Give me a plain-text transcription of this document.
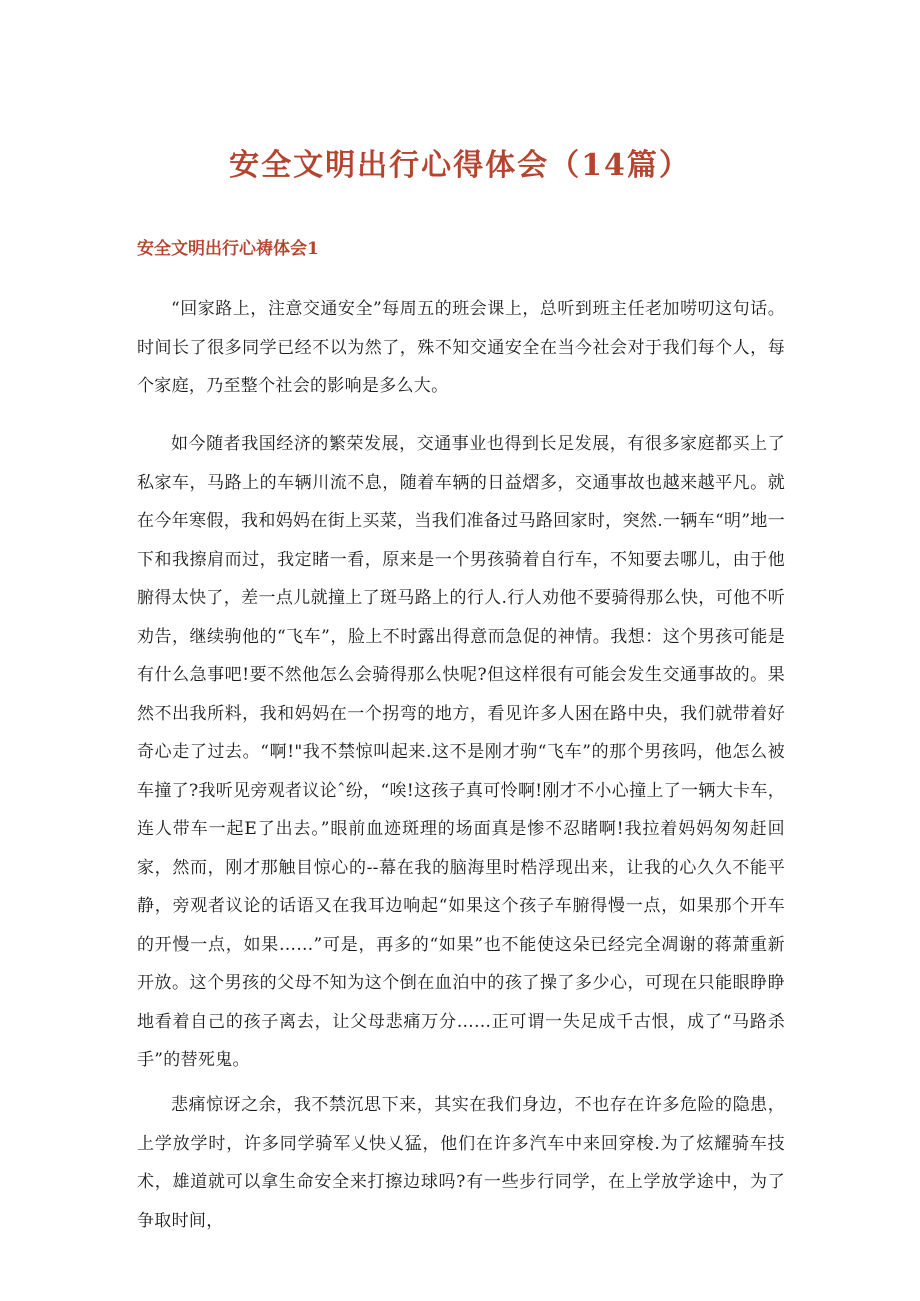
安全文明出行心得体会（14篇）
安全文明出行心祷体会1

“回家路上，注意交通安全”每周五的班会课上，总听到班主任老加唠叨这句话。时间长了很多同学已经不以为然了，殊不知交通安全在当今社会对于我们每个人，每个家庭，乃至整个社会的影响是多么大。

如今随者我国经济的繁荣发展，交通事业也得到长足发展，有很多家庭都买上了私家车，马路上的车辆川流不息，随着车辆的日益熠多，交通事故也越来越平凡。就在今年寒假，我和妈妈在街上买菜，当我们准备过马路回家时，突然.一辆车“明”地一下和我擦肩而过，我定睹一看，原来是一个男孩骑着自行车，不知要去哪儿，由于他腑得太快了，差一点儿就撞上了斑马路上的行人.行人劝他不要骑得那么快，可他不听劝告，继续驹他的“飞车”，脸上不时露出得意而急促的神情。我想：这个男孩可能是有什么急事吧!要不然他怎么会骑得那么快呢?但这样很有可能会发生交通事故的。果然不出我所料，我和妈妈在一个拐弯的地方，看见许多人困在路中央，我们就带着好奇心走了过去。“啊!"我不禁惊叫起来.这不是刚才驹“飞车”的那个男孩吗，他怎么被车撞了?我听见旁观者议论ˆ纷，“唉!这孩子真可怜啊!刚才不小心撞上了一辆大卡车，连人带车一起E了出去。”眼前血迹斑理的场面真是惨不忍睹啊!我拉着妈妈匆匆赶回家，然而，刚才那触目惊心的--幕在我的脑海里时梏浮现出来，让我的心久久不能平静，旁观者议论的话语又在我耳边响起“如果这个孩子车腑得慢一点，如果那个开车的开慢一点，如果……”可是，再多的“如果”也不能使这朵已经完全凋谢的蒋萧重新开放。这个男孩的父母不知为这个倒在血泊中的孩了操了多少心，可现在只能眼睁睁地看着自己的孩子离去，让父母悲痛万分……正可谓一失足成千古恨，成了“马路杀手”的替死鬼。

悲痛惊讶之余，我不禁沉思下来，其实在我们身边，不也存在许多危险的隐患，上学放学时，许多同学骑军乂快乂猛，他们在许多汽车中来回穿梭.为了炫耀骑车技术，雄道就可以拿生命安全来打擦边球吗?有一些步行同学，在上学放学途中，为了争取时间，
